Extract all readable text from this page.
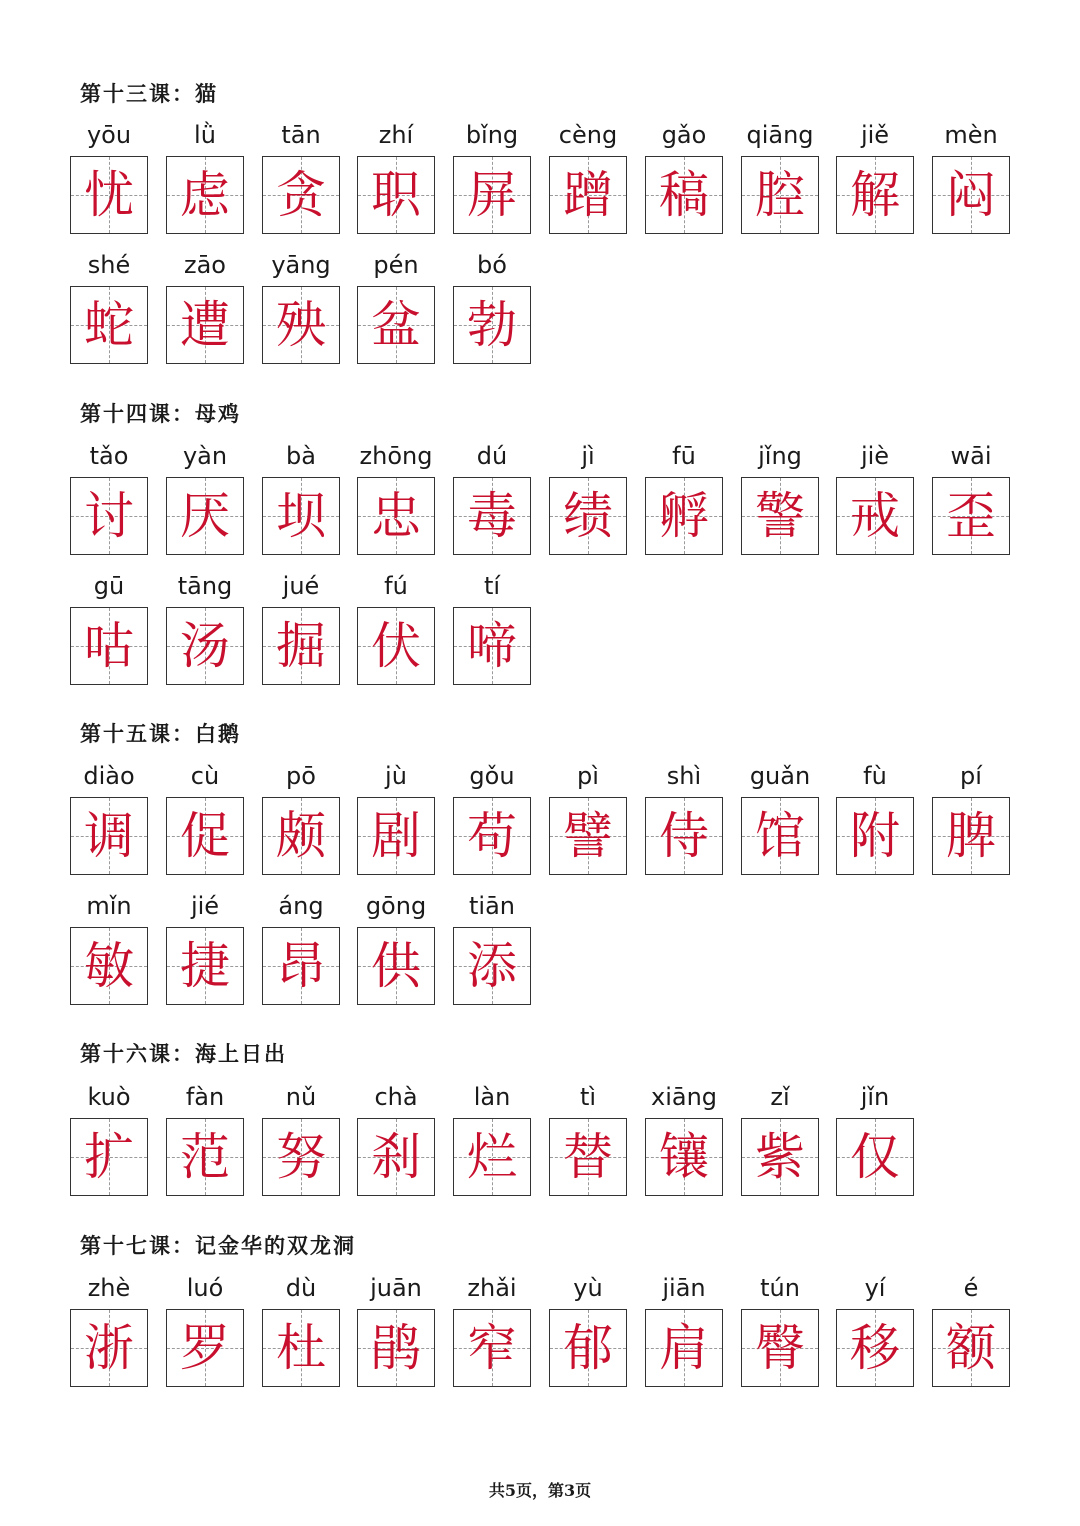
第十三课：猫
yōu
忧
lǜ
虑
tān
贪
zhí
职
bǐng
屏
cèng
蹭
gǎo
稿
qiāng
腔
jiě
解
mèn
闷
shé
蛇
zāo
遭
yāng
殃
pén
盆
bó
勃
第十四课：母鸡
tǎo
讨
yàn
厌
bà
坝
zhōng
忠
dú
毒
jì
绩
fū
孵
jǐng
警
jiè
戒
wāi
歪
gū
咕
tāng
汤
jué
掘
fú
伏
tí
啼
第十五课：白鹅
diào
调
cù
促
pō
颇
jù
剧
gǒu
苟
pì
譬
shì
侍
guǎn
馆
fù
附
pí
脾
mǐn
敏
jié
捷
áng
昂
gōng
供
tiān
添
第十六课：海上日出
kuò
扩
fàn
范
nǔ
努
chà
刹
làn
烂
tì
替
xiāng
镶
zǐ
紫
jǐn
仅
第十七课：记金华的双龙洞
zhè
浙
luó
罗
dù
杜
juān
鹃
zhǎi
窄
yù
郁
jiān
肩
tún
臀
yí
移
é
额
共5页，第3页
